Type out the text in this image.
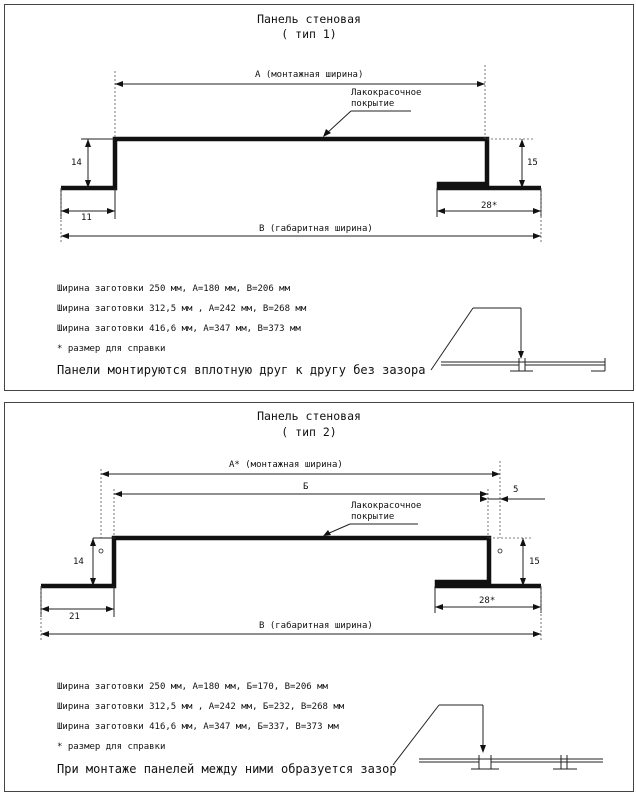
Панель стеновая
( тип 1)
А (монтажная ширина)
Лакокрасочное
покрытие
14	15
11
28*
В (габаритная ширина)
Ширина заготовки 250 мм, А=180 мм, В=206 мм
Ширина заготовки 312,5 мм , А=242 мм, В=268 мм
Ширина заготовки 416,6 мм, А=347 мм, В=373 мм
* размер для справки
Панели монтируются вплотную друг к другу без зазора
Панель стеновая
( тип 2)
А* (монтажная ширина)
Б	5
Лакокрасочное
покрытие
14	15
21
28*
В (габаритная ширина)
Ширина заготовки 250 мм, А=180 мм, Б=170, В=206 мм
Ширина заготовки 312,5 мм , А=242 мм, Б=232, В=268 мм
Ширина заготовки 416,6 мм, А=347 мм, Б=337, В=373 мм
* размер для справки
При монтаже панелей между ними образуется зазор
